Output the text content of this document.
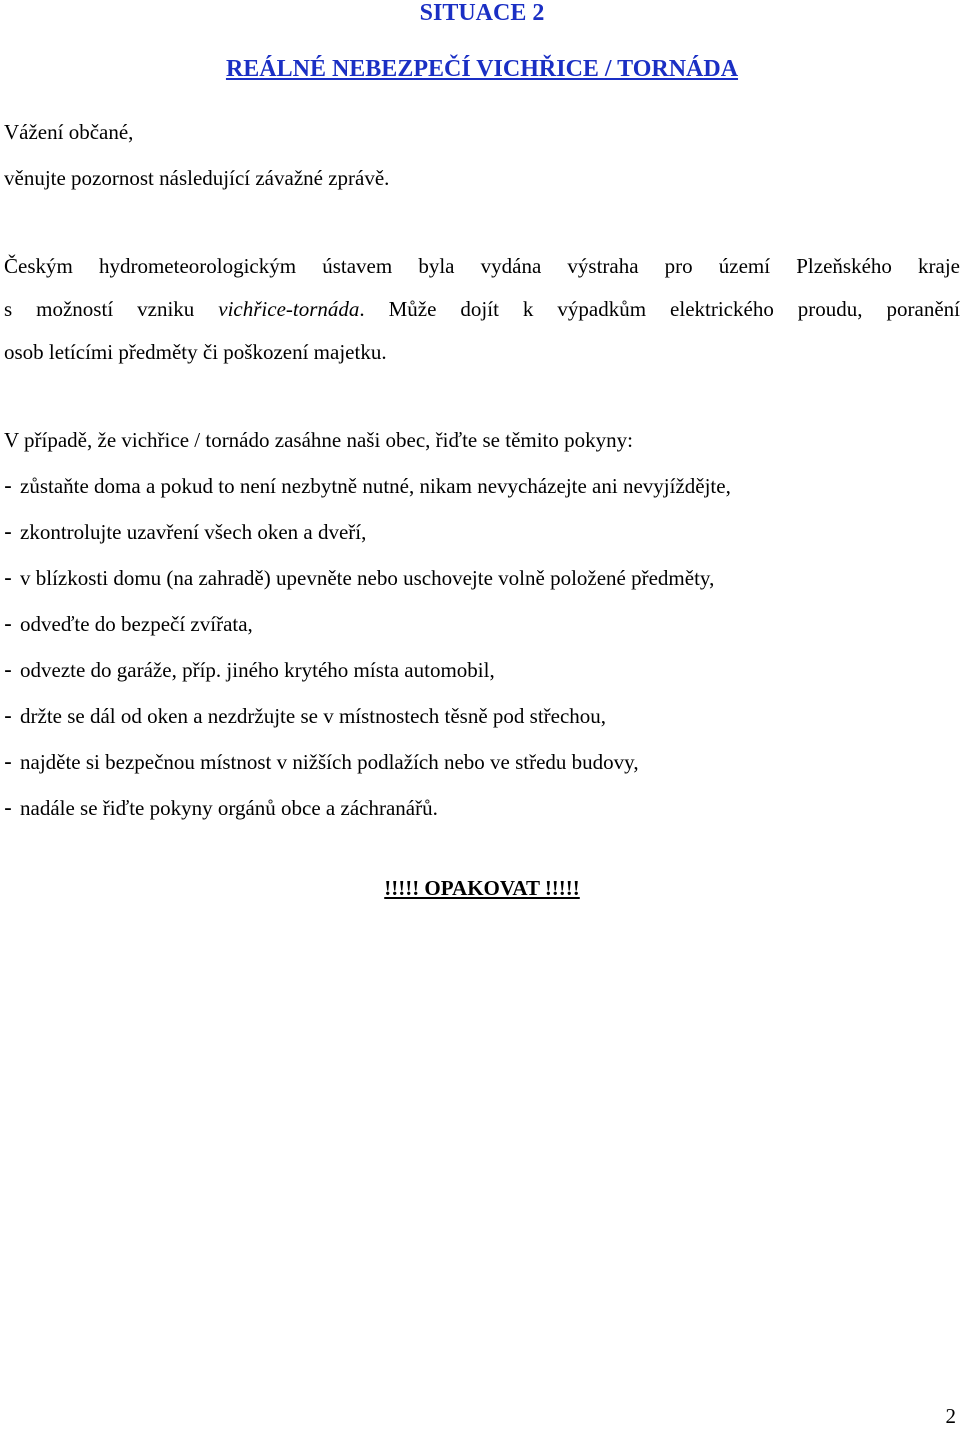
SITUACE 2
REÁLNÉ NEBEZPEČÍ VICHŘICE / TORNÁDA
Vážení občané,
věnujte pozornost následující závažné zprávě.
Českým hydrometeorologickým ústavem byla vydána výstraha pro území Plzeňského kraje
s možností vzniku vichřice-tornáda. Může dojít k výpadkům elektrického proudu, poranění
osob letícími předměty či poškození majetku.
V případě, že vichřice / tornádo zasáhne naši obec, řiďte se těmito pokyny:
- zůstaňte doma a pokud to není nezbytně nutné, nikam nevycházejte ani nevyjíždějte,
- zkontrolujte uzavření všech oken a dveří,
- v blízkosti domu (na zahradě) upevněte nebo uschovejte volně položené předměty,
- odveďte do bezpečí zvířata,
- odvezte do garáže, příp. jiného krytého místa automobil,
- držte se dál od oken a nezdržujte se v místnostech těsně pod střechou,
- najděte si bezpečnou místnost v nižších podlažích nebo ve středu budovy,
- nadále se řiďte pokyny orgánů obce a záchranářů.
!!!!! OPAKOVAT !!!!!
2
